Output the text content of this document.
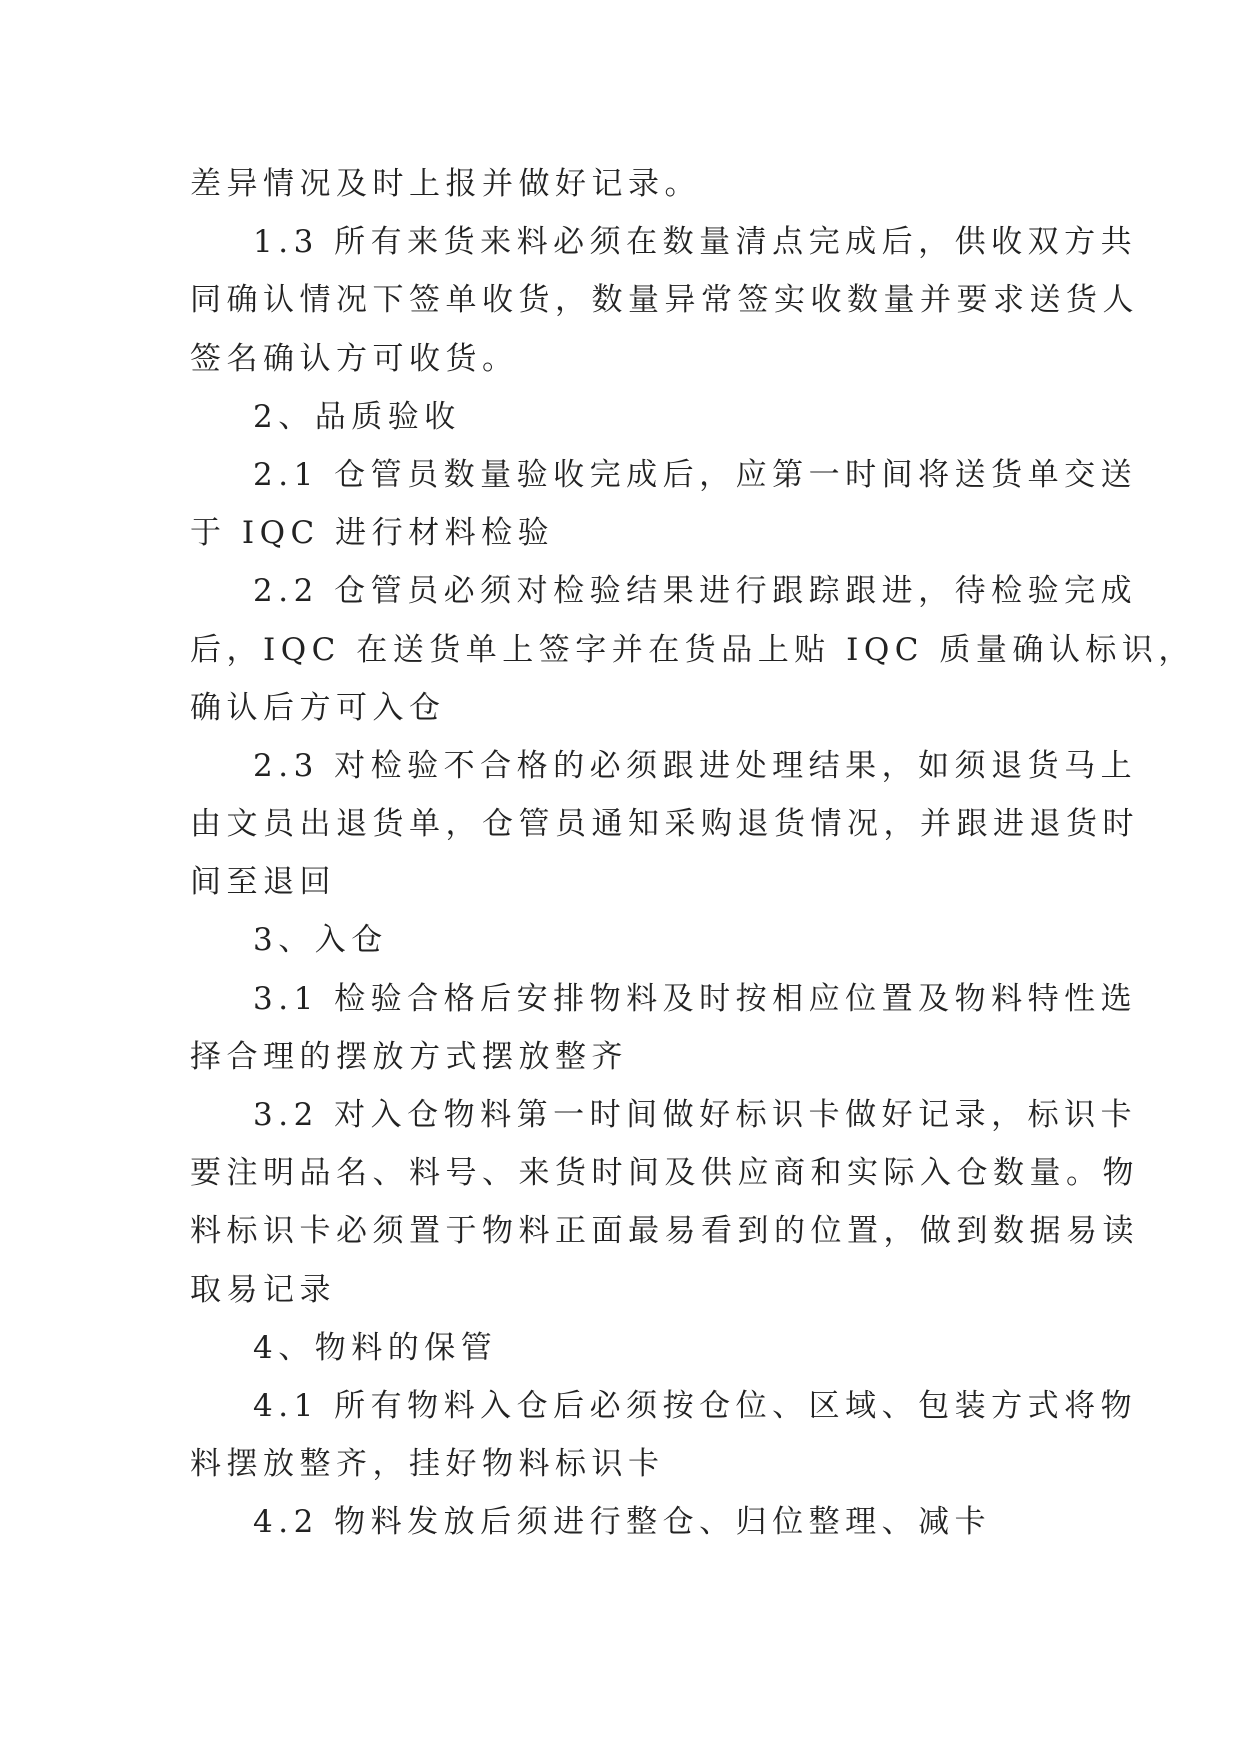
差异情况及时上报并做好记录。
1.3 所有来货来料必须在数量清点完成后，供收双方共
同确认情况下签单收货，数量异常签实收数量并要求送货人
签名确认方可收货。
2、品质验收
2.1 仓管员数量验收完成后，应第一时间将送货单交送
于 IQC 进行材料检验
2.2 仓管员必须对检验结果进行跟踪跟进，待检验完成
后，IQC 在送货单上签字并在货品上贴 IQC 质量确认标识，
确认后方可入仓
2.3 对检验不合格的必须跟进处理结果，如须退货马上
由文员出退货单，仓管员通知采购退货情况，并跟进退货时
间至退回
3、入仓
3.1 检验合格后安排物料及时按相应位置及物料特性选
择合理的摆放方式摆放整齐
3.2 对入仓物料第一时间做好标识卡做好记录，标识卡
要注明品名、料号、来货时间及供应商和实际入仓数量。物
料标识卡必须置于物料正面最易看到的位置，做到数据易读
取易记录
4、物料的保管
4.1 所有物料入仓后必须按仓位、区域、包装方式将物
料摆放整齐，挂好物料标识卡
4.2 物料发放后须进行整仓、归位整理、减卡
